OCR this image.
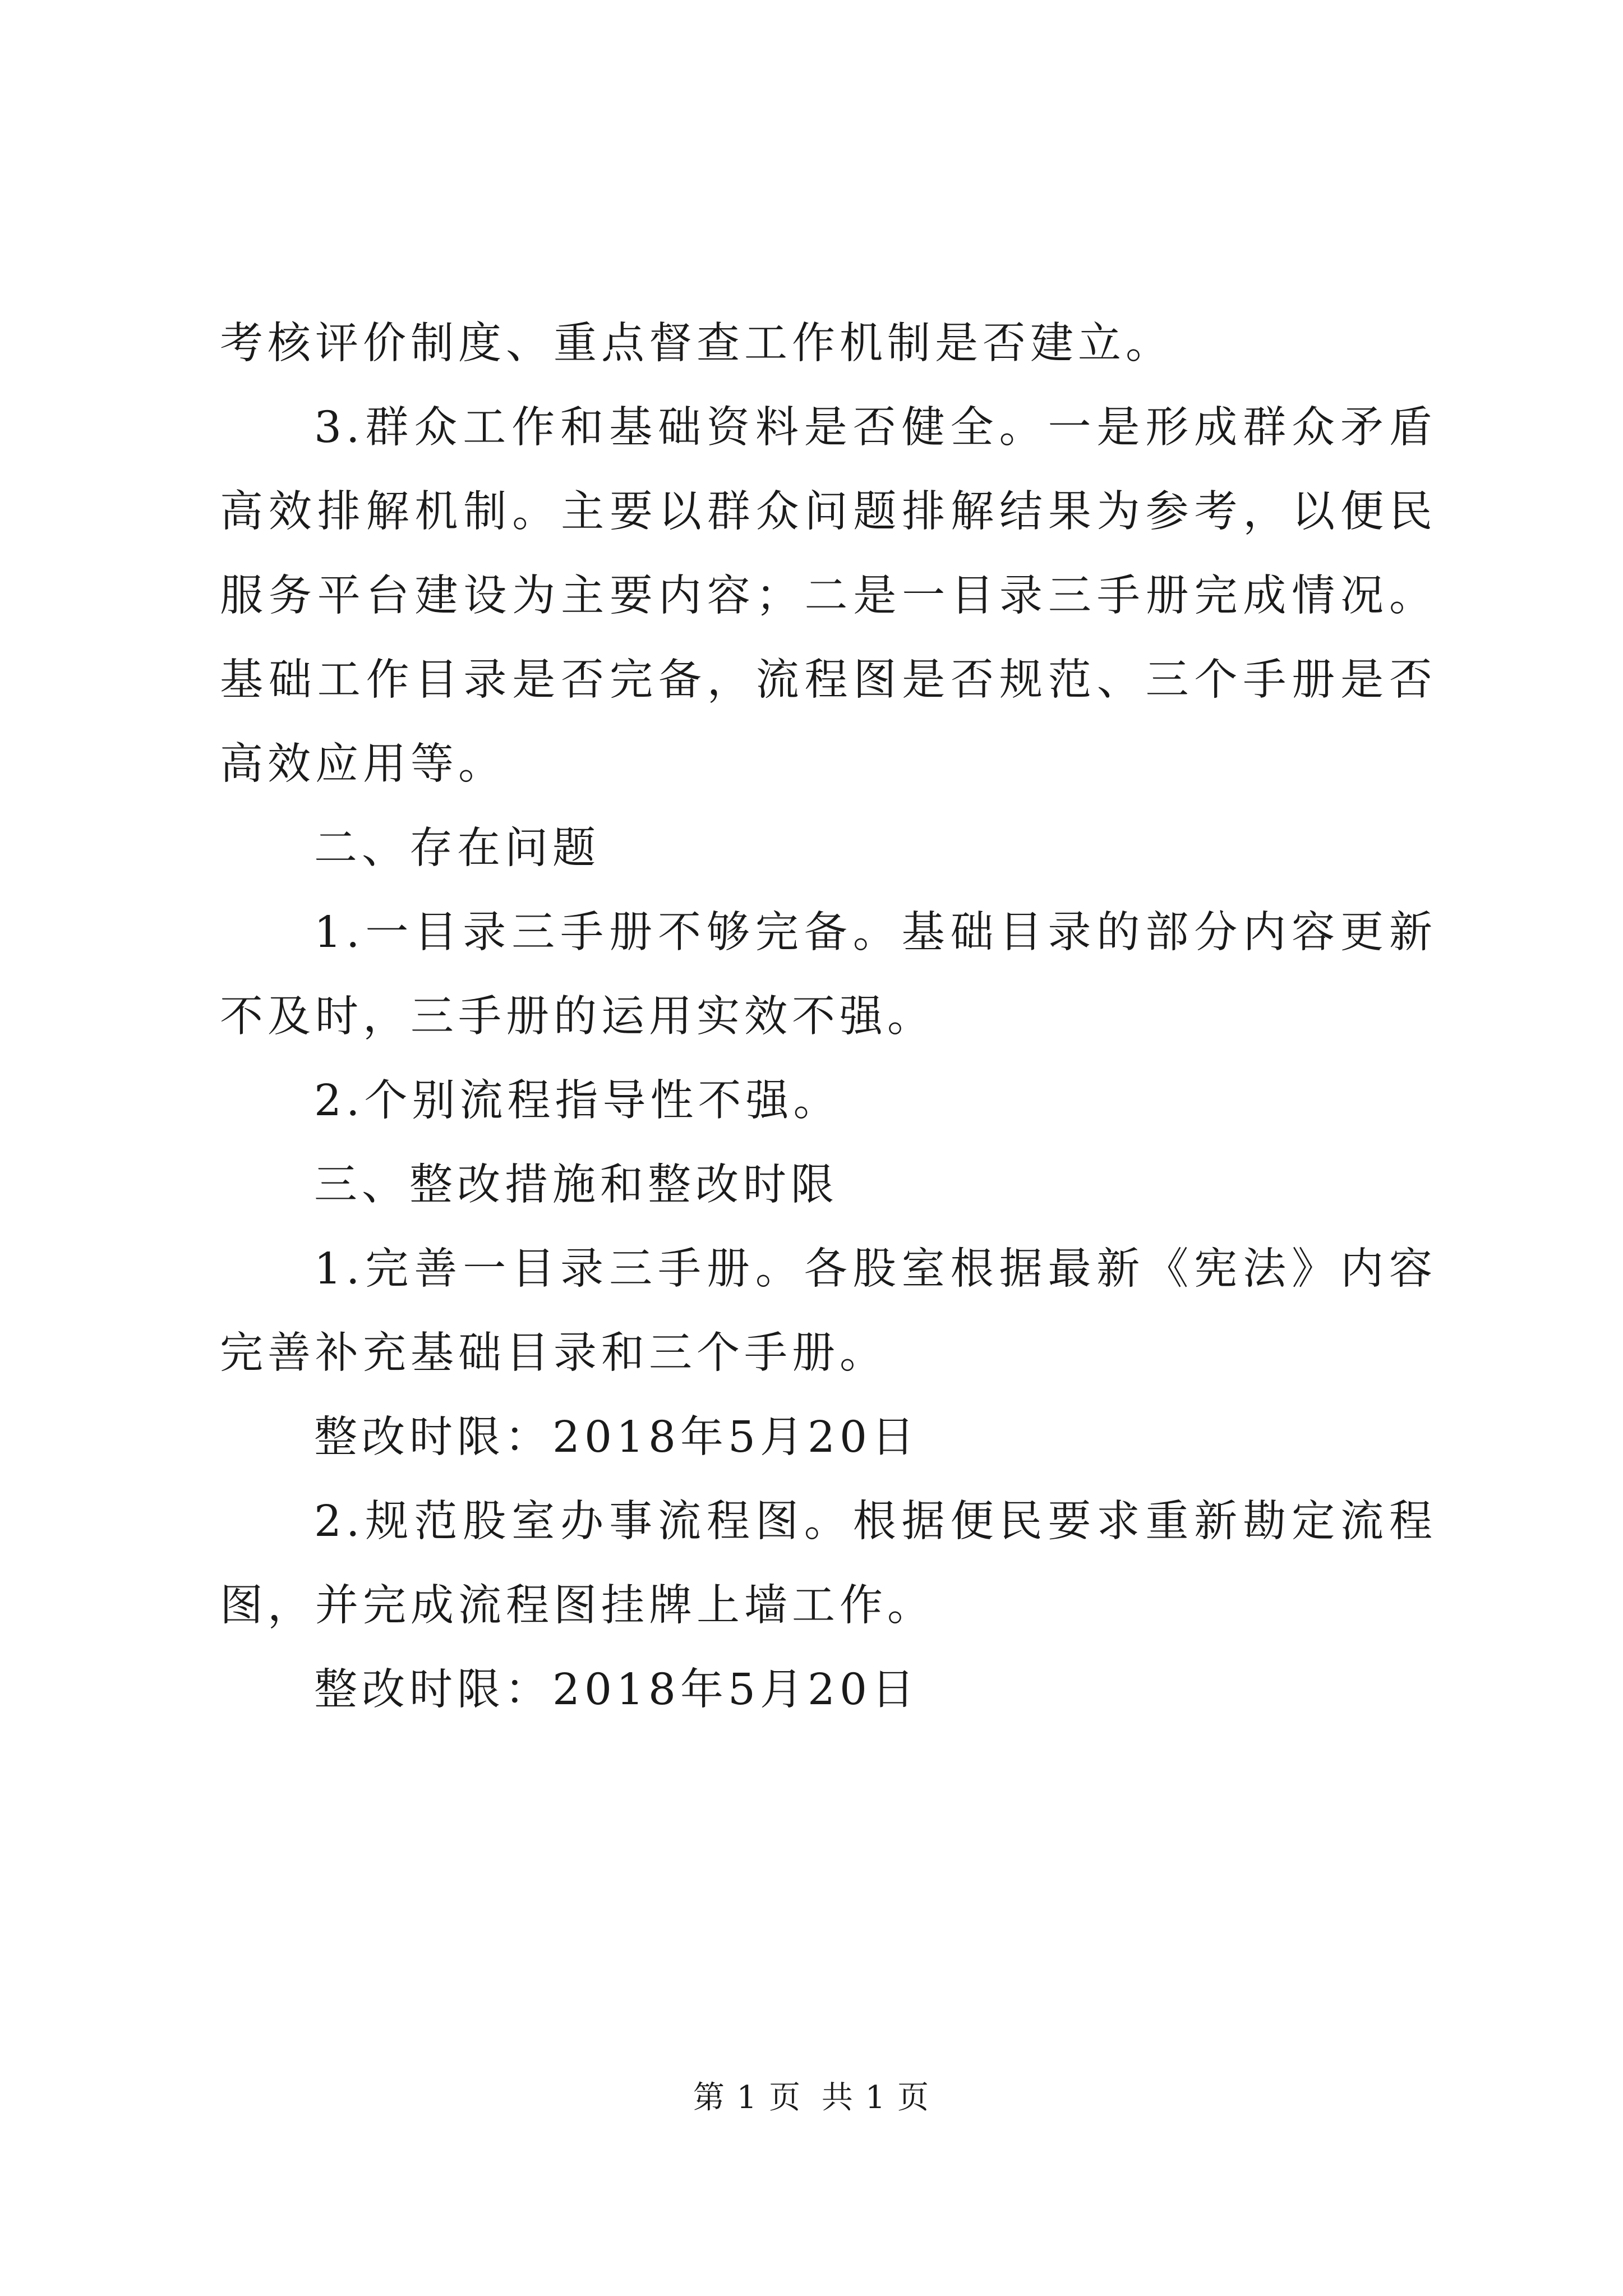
考核评价制度、重点督查工作机制是否建立。

3.群众工作和基础资料是否健全。一是形成群众矛盾高效排解机制。主要以群众问题排解结果为参考，以便民服务平台建设为主要内容；二是一目录三手册完成情况。基础工作目录是否完备，流程图是否规范、三个手册是否高效应用等。

二、存在问题

1.一目录三手册不够完备。基础目录的部分内容更新不及时，三手册的运用实效不强。

2.个别流程指导性不强。

三、整改措施和整改时限

1.完善一目录三手册。各股室根据最新《宪法》内容完善补充基础目录和三个手册。

整改时限：2018年5月20日

2.规范股室办事流程图。根据便民要求重新勘定流程图，并完成流程图挂牌上墙工作。

整改时限：2018年5月20日

第 1 页 共 1 页
